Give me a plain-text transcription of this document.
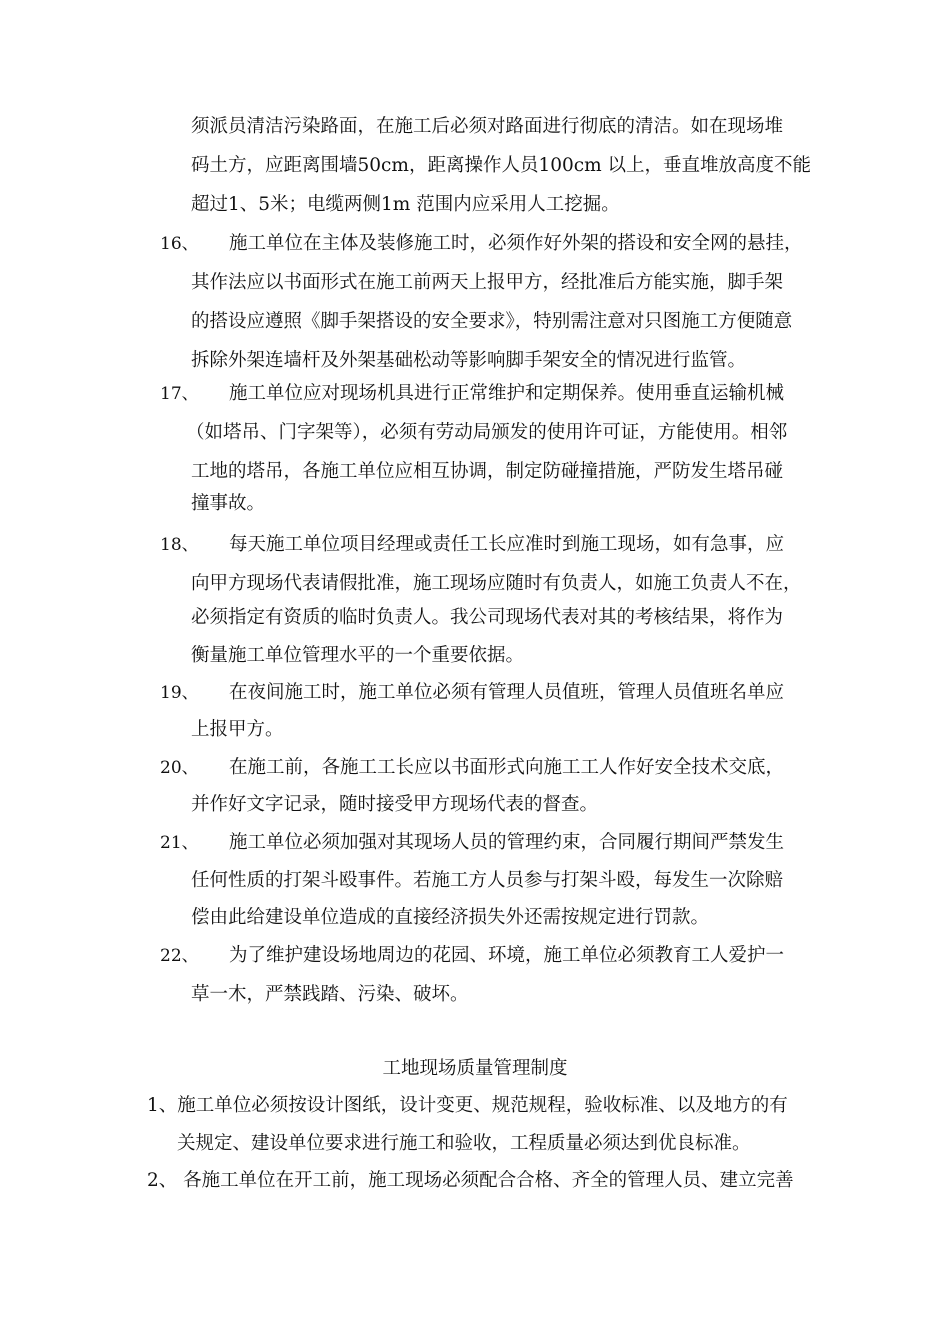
须派员清洁污染路面，在施工后必须对路面进行彻底的清洁。如在现场堆
码土方，应距离围墙50cm，距离操作人员100cm 以上，垂直堆放高度不能
超过1、5米；电缆两侧1m 范围内应采用人工挖掘。
16、 施工单位在主体及装修施工时，必须作好外架的搭设和安全网的悬挂，
其作法应以书面形式在施工前两天上报甲方，经批准后方能实施，脚手架
的搭设应遵照《脚手架搭设的安全要求》，特别需注意对只图施工方便随意
拆除外架连墙杆及外架基础松动等影响脚手架安全的情况进行监管。
17、 施工单位应对现场机具进行正常维护和定期保养。使用垂直运输机械
（如塔吊、门字架等），必须有劳动局颁发的使用许可证，方能使用。相邻
工地的塔吊，各施工单位应相互协调，制定防碰撞措施，严防发生塔吊碰
撞事故。
18、 每天施工单位项目经理或责任工长应准时到施工现场，如有急事，应
向甲方现场代表请假批准，施工现场应随时有负责人，如施工负责人不在，
必须指定有资质的临时负责人。我公司现场代表对其的考核结果，将作为
衡量施工单位管理水平的一个重要依据。
19、 在夜间施工时，施工单位必须有管理人员值班，管理人员值班名单应
上报甲方。
20、 在施工前，各施工工长应以书面形式向施工工人作好安全技术交底，
并作好文字记录，随时接受甲方现场代表的督查。
21、 施工单位必须加强对其现场人员的管理约束，合同履行期间严禁发生
任何性质的打架斗殴事件。若施工方人员参与打架斗殴，每发生一次除赔
偿由此给建设单位造成的直接经济损失外还需按规定进行罚款。
22、 为了维护建设场地周边的花园、环境，施工单位必须教育工人爱护一
草一木，严禁践踏、污染、破坏。
工地现场质量管理制度
1、施工单位必须按设计图纸，设计变更、规范规程，验收标准、以及地方的有
关规定、建设单位要求进行施工和验收，工程质量必须达到优良标准。
2、 各施工单位在开工前，施工现场必须配合合格、齐全的管理人员、建立完善
